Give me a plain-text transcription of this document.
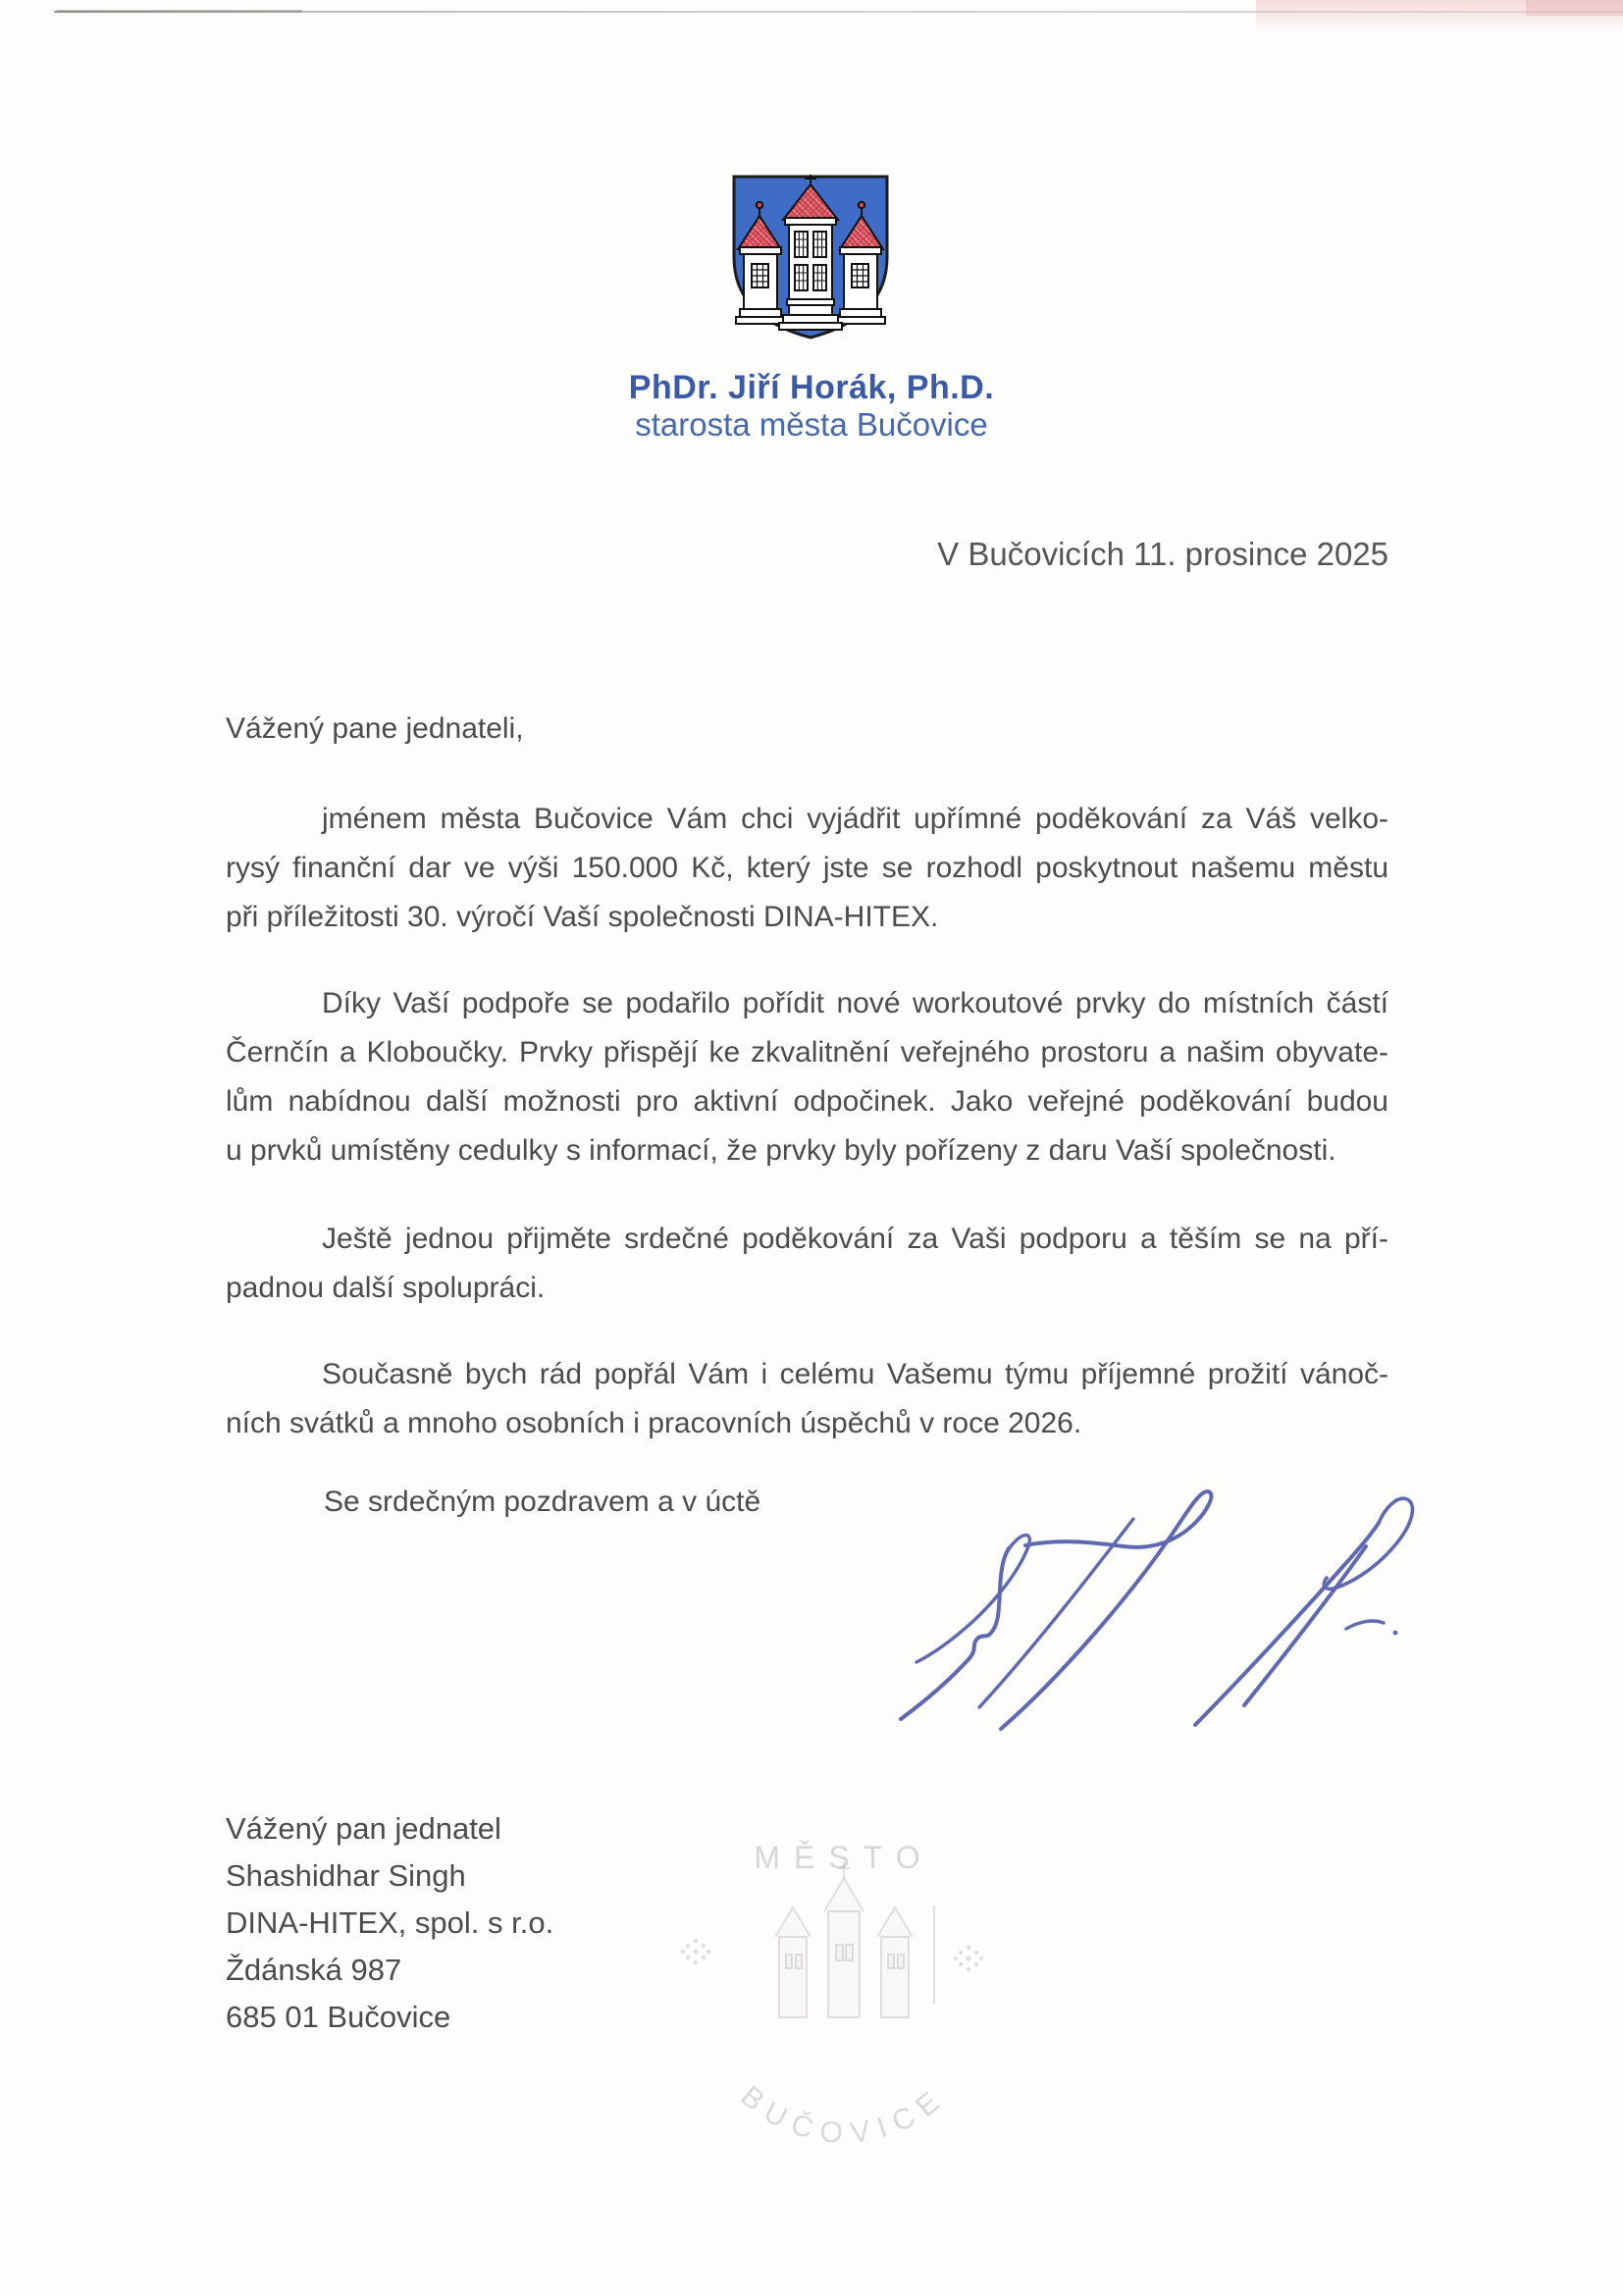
PhDr. Jiří Horák, Ph.D.
starosta města Bučovice
V Bučovicích 11. prosince 2025
Vážený pane jednateli,
jménem města Bučovice Vám chci vyjádřit upřímné poděkování za Váš velko-
rysý finanční dar ve výši 150.000 Kč, který jste se rozhodl poskytnout našemu městu
při příležitosti 30. výročí Vaší společnosti DINA-HITEX.
Díky Vaší podpoře se podařilo pořídit nové workoutové prvky do místních částí
Černčín a Kloboučky. Prvky přispějí ke zkvalitnění veřejného prostoru a našim obyvate-
lům nabídnou další možnosti pro aktivní odpočinek. Jako veřejné poděkování budou
u prvků umístěny cedulky s informací, že prvky byly pořízeny z daru Vaší společnosti.
Ještě jednou přijměte srdečné poděkování za Vaši podporu a těším se na pří-
padnou další spolupráci.
Současně bych rád popřál Vám i celému Vašemu týmu příjemné prožití vánoč-
ních svátků a mnoho osobních i pracovních úspěchů v roce 2026.
Se srdečným pozdravem a v úctě
Vážený pan jednatel
Shashidhar Singh
DINA-HITEX, spol. s r.o.
Ždánská 987
685 01 Bučovice
MĚSTO
BUČOVICE
